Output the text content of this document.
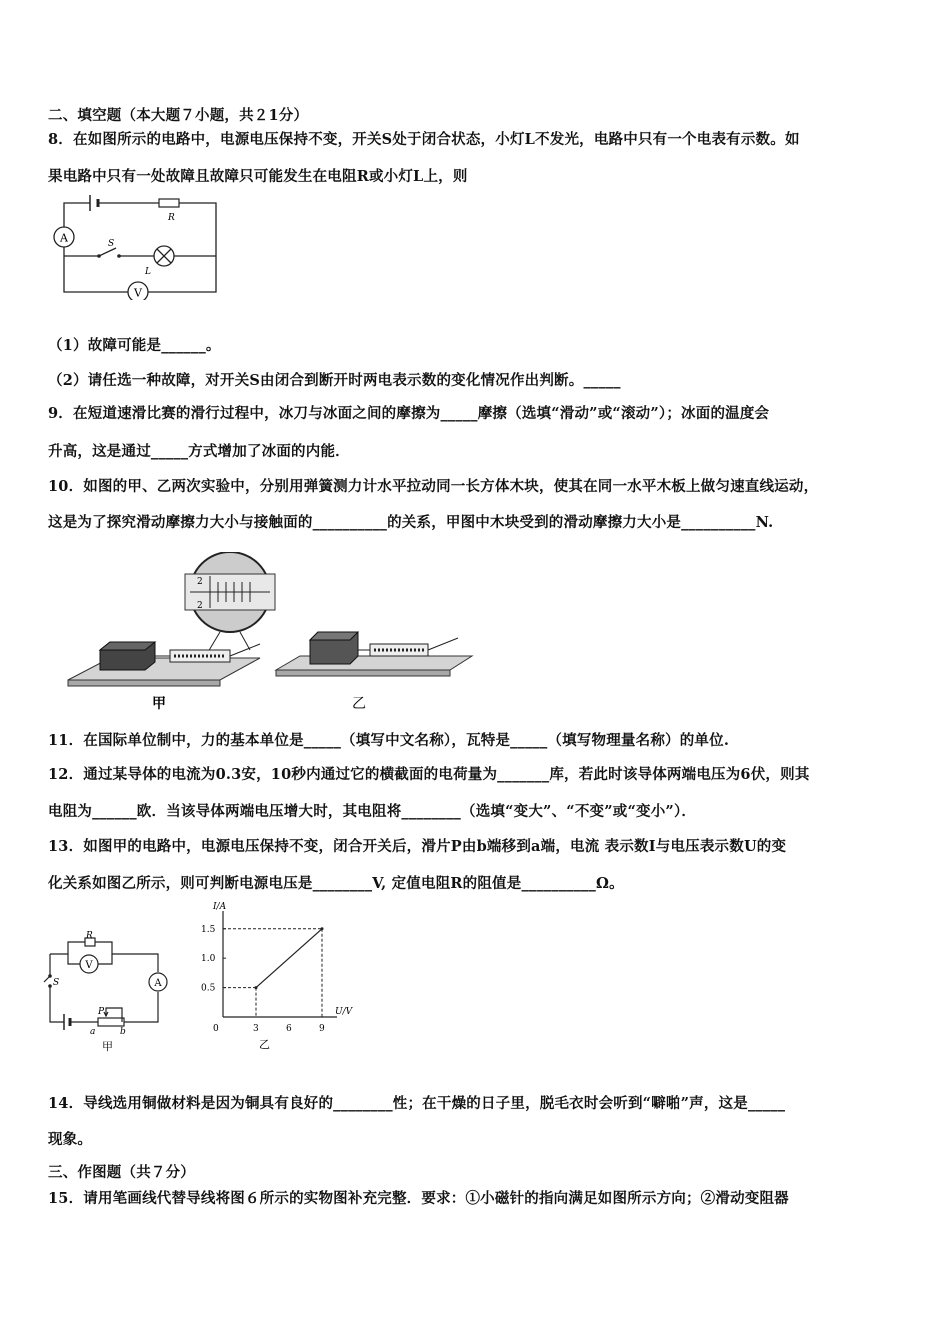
二、填空题（本大题７小题，共２1分）
8．在如图所示的电路中，电源电压保持不变，开关S处于闭合状态，小灯L不发光，电路中只有一个电表有示数。如
果电路中只有一处故障且故障只可能发生在电阻R或小灯L上，则
A
V
S
R
L
（1）故障可能是______。
（2）请任选一种故障，对开关S由闭合到断开时两电表示数的变化情况作出判断。_____
9．在短道速滑比赛的滑行过程中，冰刀与冰面之间的摩擦为_____摩擦（选填“滑动”或“滚动”）；冰面的温度会
升高，这是通过_____方式增加了冰面的内能．
10．如图的甲、乙两次实验中，分别用弹簧测力计水平拉动同一长方体木块，使其在同一水平木板上做匀速直线运动，
这是为了探究滑动摩擦力大小与接触面的__________的关系，甲图中木块受到的滑动摩擦力大小是__________N.
2
2
甲	乙
11．在国际单位制中，力的基本单位是_____（填写中文名称），瓦特是_____（填写物理量名称）的单位.
12．通过某导体的电流为0.3安，10秒内通过它的横截面的电荷量为_______库，若此时该导体两端电压为6伏，则其
电阻为______欧．当该导体两端电压增大时，其电阻将________（选填“变大”、“不变”或“变小”）．
13．如图甲的电路中，电源电压保持不变，闭合开关后，滑片P由b端移到a端，电流 表示数I与电压表示数U的变
化关系如图乙所示，则可判断电源电压是________V, 定值电阻R的阻值是__________Ω。
V
A
R
S
P
a	b
甲
I/A
U/V
0
0.5
1.0
1.5
3	6	9
乙
14．导线选用铜做材料是因为铜具有良好的________性；在干燥的日子里，脱毛衣时会听到“噼啪”声，这是_____
现象。
三、作图题（共７分）
15．请用笔画线代替导线将图６所示的实物图补充完整．要求：①小磁针的指向满足如图所示方向；②滑动变阻器
